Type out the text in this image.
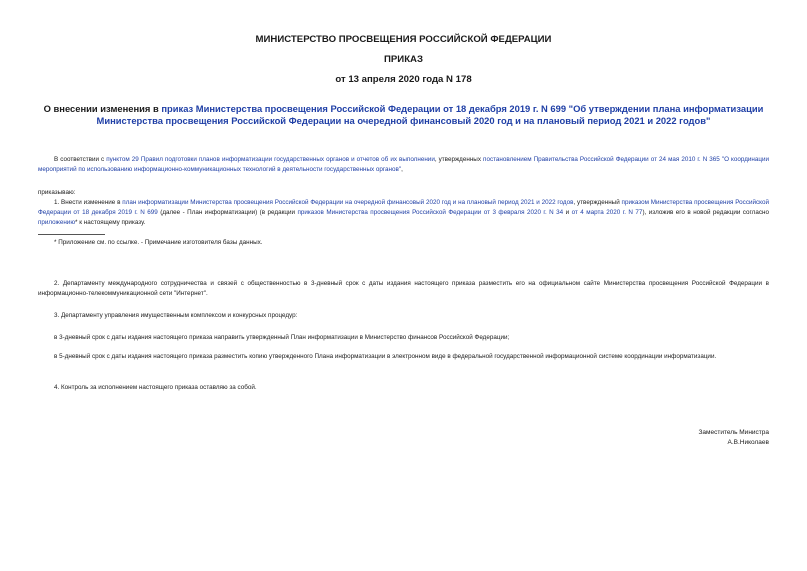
МИНИСТЕРСТВО ПРОСВЕЩЕНИЯ РОССИЙСКОЙ ФЕДЕРАЦИИ
ПРИКАЗ
от 13 апреля 2020 года N 178
О внесении изменения в приказ Министерства просвещения Российской Федерации от 18 декабря 2019 г. N 699 "Об утверждении плана информатизации Министерства просвещения Российской Федерации на очередной финансовый 2020 год и на плановый период 2021 и 2022 годов"
В соответствии с пунктом 29 Правил подготовки планов информатизации государственных органов и отчетов об их выполнении, утвержденных постановлением Правительства Российской Федерации от 24 мая 2010 г. N 365 "О координации мероприятий по использованию информационно-коммуникационных технологий в деятельности государственных органов",
приказываю:
1. Внести изменение в план информатизации Министерства просвещения Российской Федерации на очередной финансовый 2020 год и на плановый период 2021 и 2022 годов, утвержденный приказом Министерства просвещения Российской Федерации от 18 декабря 2019 г. N 699 (далее - План информатизации) (в редакции приказов Министерства просвещения Российской Федерации от 3 февраля 2020 г. N 34 и от 4 марта 2020 г. N 77), изложив его в новой редакции согласно приложению* к настоящему приказу.
* Приложение см. по ссылке. - Примечание изготовителя базы данных.
2. Департаменту международного сотрудничества и связей с общественностью в 3-дневный срок с даты издания настоящего приказа разместить его на официальном сайте Министерства просвещения Российской Федерации в информационно-телекоммуникационной сети "Интернет".
3. Департаменту управления имущественным комплексом и конкурсных процедур:
в 3-дневный срок с даты издания настоящего приказа направить утвержденный План информатизации в Министерство финансов Российской Федерации;
в 5-дневный срок с даты издания настоящего приказа разместить копию утвержденного Плана информатизации в электронном виде в федеральной государственной информационной системе координации информатизации.
4. Контроль за исполнением настоящего приказа оставляю за собой.
Заместитель Министра
А.В.Николаев
